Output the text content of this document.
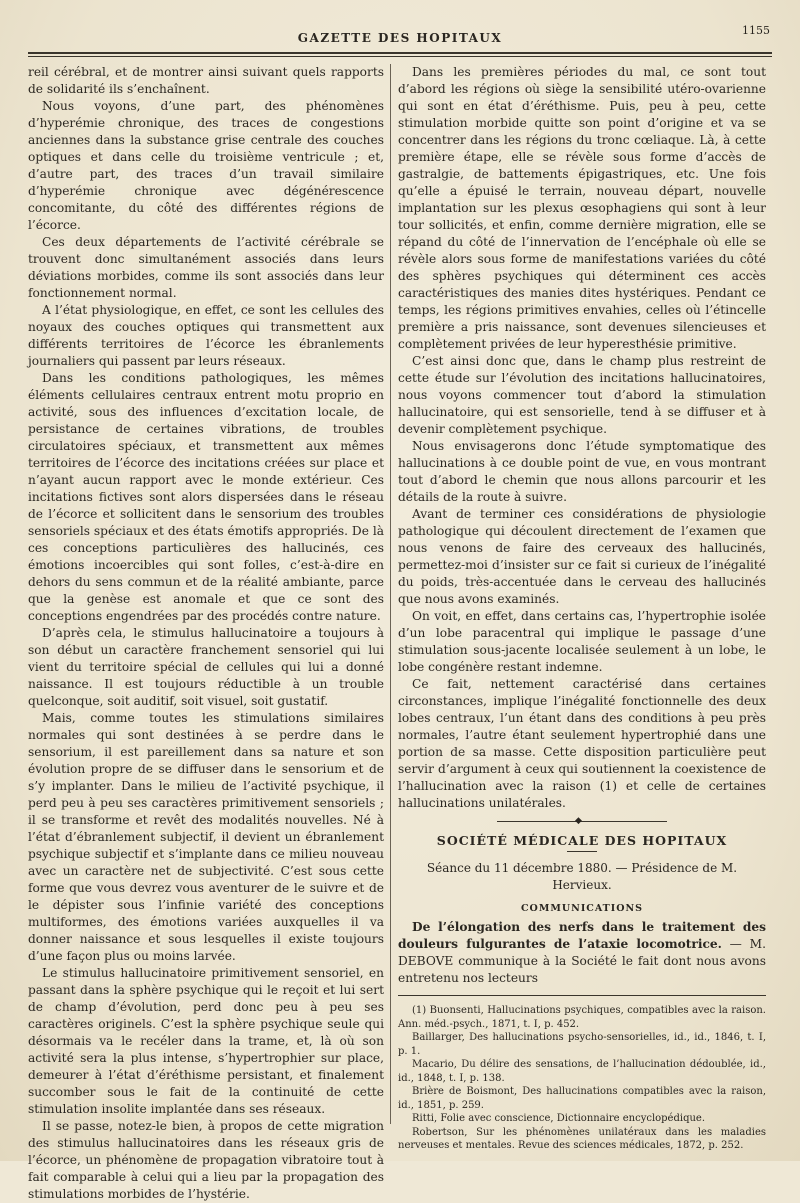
GAZETTE DES HOPITAUX
1155

reil cérébral, et de montrer ainsi suivant quels rapports de solidarité ils s’enchaînent.

Nous voyons, d’une part, des phénomènes d’hyperémie chronique, des traces de congestions anciennes dans la substance grise centrale des couches optiques et dans celle du troisième ventricule ; et, d’autre part, des traces d’un travail similaire d’hyperémie chronique avec dégénérescence concomitante, du côté des différentes régions de l’écorce.

Ces deux départements de l’activité cérébrale se trouvent donc simultanément associés dans leurs déviations morbides, comme ils sont associés dans leur fonctionnement normal.

A l’état physiologique, en effet, ce sont les cellules des noyaux des couches optiques qui transmettent aux différents territoires de l’écorce les ébranlements journaliers qui passent par leurs réseaux.

Dans les conditions pathologiques, les mêmes éléments cellulaires centraux entrent motu proprio en activité, sous des influences d’excitation locale, de persistance de certaines vibrations, de troubles circulatoires spéciaux, et transmettent aux mêmes territoires de l’écorce des incitations créées sur place et n’ayant aucun rapport avec le monde extérieur. Ces incitations fictives sont alors dispersées dans le réseau de l’écorce et sollicitent dans le sensorium des troubles sensoriels spéciaux et des états émotifs appropriés. De là ces conceptions particulières des hallucinés, ces émotions incoercibles qui sont folles, c’est-à-dire en dehors du sens commun et de la réalité ambiante, parce que la genèse est anomale et que ce sont des conceptions engendrées par des procédés contre nature.

D’après cela, le stimulus hallucinatoire a toujours à son début un caractère franchement sensoriel qui lui vient du territoire spécial de cellules qui lui a donné naissance. Il est toujours réductible à un trouble quelconque, soit auditif, soit visuel, soit gustatif.

Mais, comme toutes les stimulations similaires normales qui sont destinées à se perdre dans le sensorium, il est pareillement dans sa nature et son évolution propre de se diffuser dans le sensorium et de s’y implanter. Dans le milieu de l’activité psychique, il perd peu à peu ses caractères primitivement sensoriels ; il se transforme et revêt des modalités nouvelles. Né à l’état d’ébranlement subjectif, il devient un ébranlement psychique subjectif et s’implante dans ce milieu nouveau avec un caractère net de subjectivité. C’est sous cette forme que vous devrez vous aventurer de le suivre et de le dépister sous l’infinie variété des conceptions multiformes, des émotions variées auxquelles il va donner naissance et sous lesquelles il existe toujours d’une façon plus ou moins larvée.

Le stimulus hallucinatoire primitivement sensoriel, en passant dans la sphère psychique qui le reçoit et lui sert de champ d’évolution, perd donc peu à peu ses caractères originels. C’est la sphère psychique seule qui désormais va le recéler dans la trame, et, là où son activité sera la plus intense, s’hypertrophier sur place, demeurer à l’état d’éréthisme persistant, et finalement succomber sous le fait de la continuité de cette stimulation insolite implantée dans ses réseaux.

Il se passe, notez-le bien, à propos de cette migration des stimulus hallucinatoires dans les réseaux gris de l’écorce, un phénomène de propagation vibratoire tout à fait comparable à celui qui a lieu par la propagation des stimulations morbides de l’hystérie.

Dans les premières périodes du mal, ce sont tout d’abord les régions où siège la sensibilité utéro-ovarienne qui sont en état d’éréthisme. Puis, peu à peu, cette stimulation morbide quitte son point d’origine et va se concentrer dans les régions du tronc cœliaque. Là, à cette première étape, elle se révèle sous forme d’accès de gastralgie, de battements épigastriques, etc. Une fois qu’elle a épuisé le terrain, nouveau départ, nouvelle implantation sur les plexus œsophagiens qui sont à leur tour sollicités, et enfin, comme dernière migration, elle se répand du côté de l’innervation de l’encéphale où elle se révèle alors sous forme de manifestations variées du côté des sphères psychiques qui déterminent ces accès caractéristiques des manies dites hystériques. Pendant ce temps, les régions primitives envahies, celles où l’étincelle première a pris naissance, sont devenues silencieuses et complètement privées de leur hyperesthésie primitive.

C’est ainsi donc que, dans le champ plus restreint de cette étude sur l’évolution des incitations hallucinatoires, nous voyons commencer tout d’abord la stimulation hallucinatoire, qui est sensorielle, tend à se diffuser et à devenir complètement psychique.

Nous envisagerons donc l’étude symptomatique des hallucinations à ce double point de vue, en vous montrant tout d’abord le chemin que nous allons parcourir et les détails de la route à suivre.

Avant de terminer ces considérations de physiologie pathologique qui découlent directement de l’examen que nous venons de faire des cerveaux des hallucinés, permettez-moi d’insister sur ce fait si curieux de l’inégalité du poids, très-accentuée dans le cerveau des hallucinés que nous avons examinés.

On voit, en effet, dans certains cas, l’hypertrophie isolée d’un lobe paracentral qui implique le passage d’une stimulation sous-jacente localisée seulement à un lobe, le lobe congénère restant indemne.

Ce fait, nettement caractérisé dans certaines circonstances, implique l’inégalité fonctionnelle des deux lobes centraux, l’un étant dans des conditions à peu près normales, l’autre étant seulement hypertrophié dans une portion de sa masse. Cette disposition particulière peut servir d’argument à ceux qui soutiennent la coexistence de l’hallucination avec la raison (1) et celle de certaines hallucinations unilatérales.

◆
SOCIÉTÉ MÉDICALE DES HOPITAUX
Séance du 11 décembre 1880. — Présidence de M. Hervieux.
COMMUNICATIONS

De l’élongation des nerfs dans le traitement des douleurs fulgurantes de l’ataxie locomotrice. — M. DEBOVE communique à la Société le fait dont nous avons entretenu nos lecteurs

(1) Buonsenti, Hallucinations psychiques, compatibles avec la raison. Ann. méd.-psych., 1871, t. I, p. 452.

Baillarger, Des hallucinations psycho-sensorielles, id., id., 1846, t. I, p. 1.

Macario, Du délire des sensations, de l’hallucination dédoublée, id., id., 1848, t. I, p. 138.

Brière de Boismont, Des hallucinations compatibles avec la raison, id., 1851, p. 259.

Ritti, Folie avec conscience, Dictionnaire encyclopédique.

Robertson, Sur les phénomènes unilatéraux dans les maladies nerveuses et mentales. Revue des sciences médicales, 1872, p. 252.
